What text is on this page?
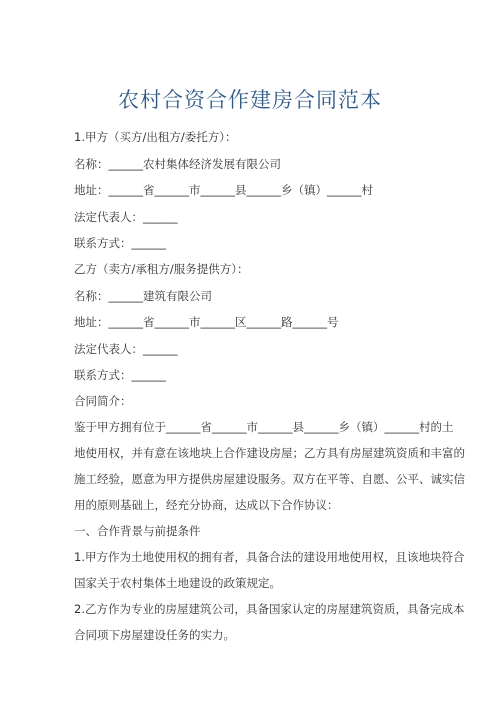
农村合资合作建房合同范本
1.甲方（买方/出租方/委托方）：
名称：______农村集体经济发展有限公司
地址：______省______市______县______乡（镇）______村
法定代表人：______
联系方式：______
乙方（卖方/承租方/服务提供方）：
名称：______建筑有限公司
地址：______省______市______区______路______号
法定代表人：______
联系方式：______
合同简介：
鉴于甲方拥有位于______省______市______县______乡（镇）______村的土
地使用权，并有意在该地块上合作建设房屋；乙方具有房屋建筑资质和丰富的
施工经验，愿意为甲方提供房屋建设服务。双方在平等、自愿、公平、诚实信
用的原则基础上，经充分协商，达成以下合作协议：
一、合作背景与前提条件
1.甲方作为土地使用权的拥有者，具备合法的建设用地使用权，且该地块符合
国家关于农村集体土地建设的政策规定。
2.乙方作为专业的房屋建筑公司，具备国家认定的房屋建筑资质，具备完成本
合同项下房屋建设任务的实力。
